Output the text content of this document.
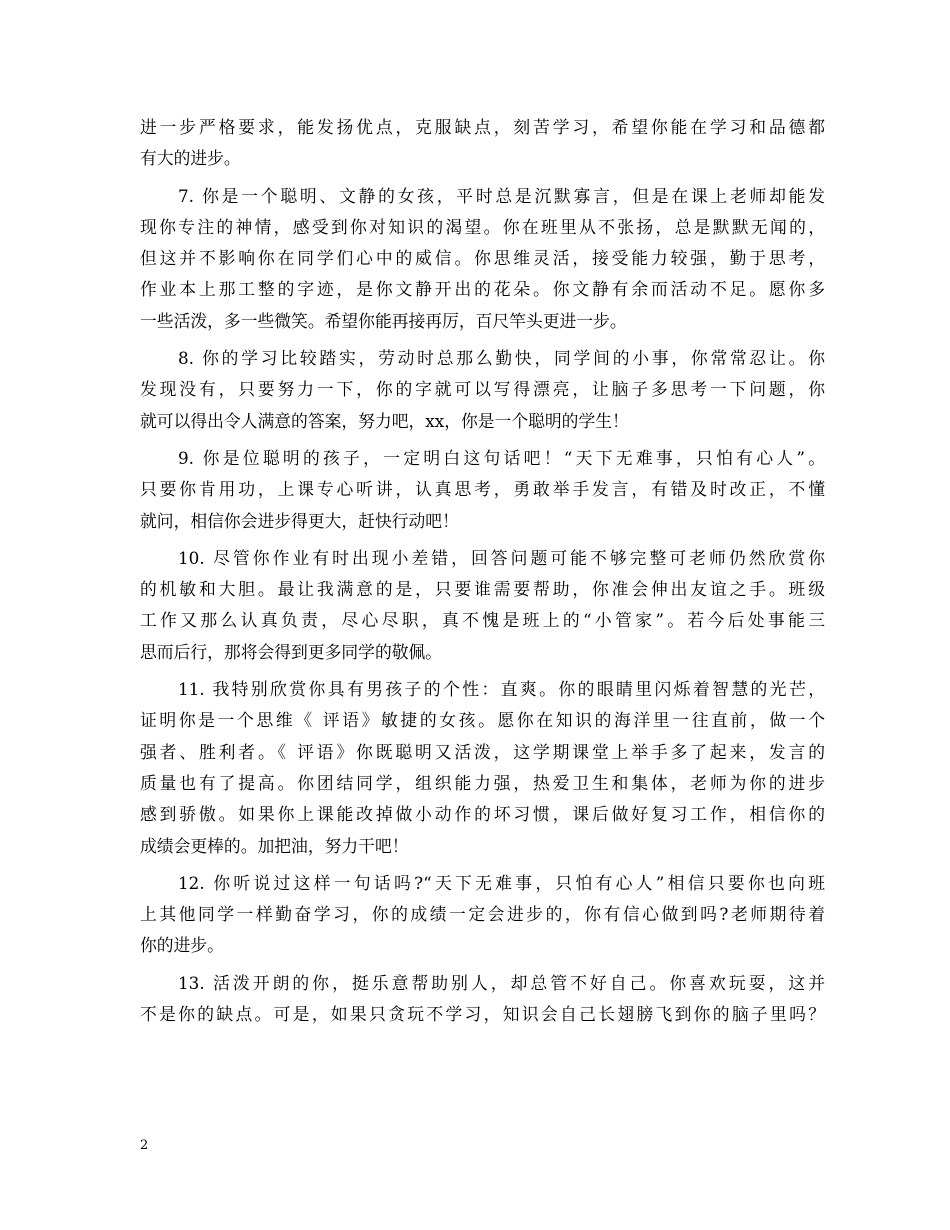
进一步严格要求，能发扬优点，克服缺点，刻苦学习，希望你能在学习和品德都
有大的进步。
7. 你是一个聪明、文静的女孩，平时总是沉默寡言，但是在课上老师却能发
现你专注的神情，感受到你对知识的渴望。你在班里从不张扬，总是默默无闻的，
但这并不影响你在同学们心中的威信。你思维灵活，接受能力较强，勤于思考，
作业本上那工整的字迹，是你文静开出的花朵。你文静有余而活动不足。愿你多
一些活泼，多一些微笑。希望你能再接再厉，百尺竿头更进一步。
8. 你的学习比较踏实，劳动时总那么勤快，同学间的小事，你常常忍让。你
发现没有，只要努力一下，你的字就可以写得漂亮，让脑子多思考一下问题，你
就可以得出令人满意的答案，努力吧，xx，你是一个聪明的学生！
9. 你是位聪明的孩子，一定明白这句话吧！“天下无难事，只怕有心人”。
只要你肯用功，上课专心听讲，认真思考，勇敢举手发言，有错及时改正，不懂
就问，相信你会进步得更大，赶快行动吧！
10. 尽管你作业有时出现小差错，回答问题可能不够完整可老师仍然欣赏你
的机敏和大胆。最让我满意的是，只要谁需要帮助，你准会伸出友谊之手。班级
工作又那么认真负责，尽心尽职，真不愧是班上的“小管家”。若今后处事能三
思而后行，那将会得到更多同学的敬佩。
11. 我特别欣赏你具有男孩子的个性：直爽。你的眼睛里闪烁着智慧的光芒，
证明你是一个思维《 评语》敏捷的女孩。愿你在知识的海洋里一往直前，做一个
强者、胜利者。《 评语》你既聪明又活泼，这学期课堂上举手多了起来，发言的
质量也有了提高。你团结同学，组织能力强，热爱卫生和集体，老师为你的进步
感到骄傲。如果你上课能改掉做小动作的坏习惯，课后做好复习工作，相信你的
成绩会更棒的。加把油，努力干吧！
12. 你听说过这样一句话吗?“天下无难事，只怕有心人”相信只要你也向班
上其他同学一样勤奋学习，你的成绩一定会进步的，你有信心做到吗?老师期待着
你的进步。
13. 活泼开朗的你，挺乐意帮助别人，却总管不好自己。你喜欢玩耍，这并
不是你的缺点。可是，如果只贪玩不学习，知识会自己长翅膀飞到你的脑子里吗？
2
